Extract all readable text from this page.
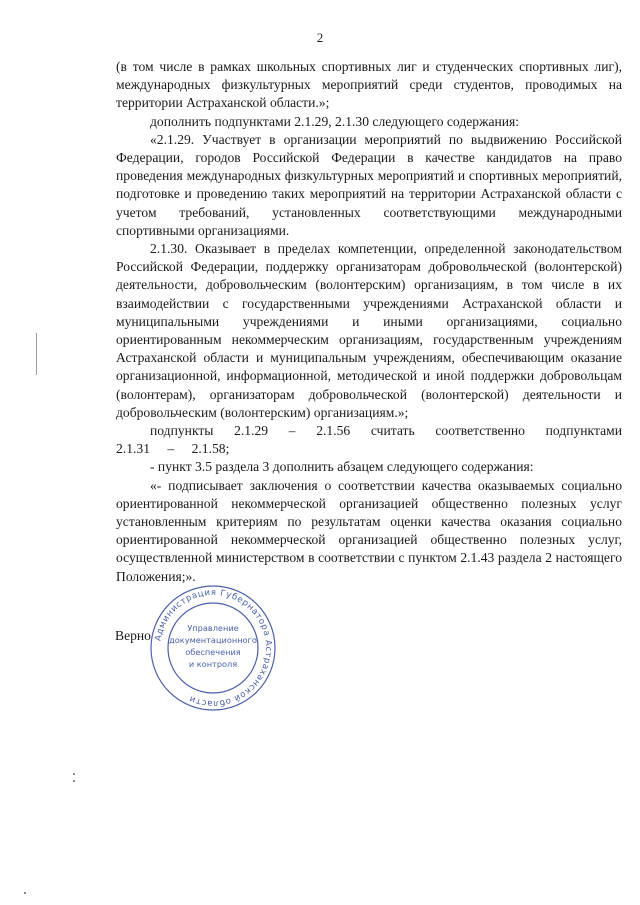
2

(в том числе в рамках школьных спортивных лиг и студенческих спортивных лиг), международных физкультурных мероприятий среди студентов, проводимых на территории Астраханской области.»;

дополнить подпунктами 2.1.29, 2.1.30 следующего содержания:

«2.1.29. Участвует в организации мероприятий по выдвижению Российской Федерации, городов Российской Федерации в качестве кандидатов на право проведения международных физкультурных мероприятий и спортивных мероприятий, подготовке и проведению таких мероприятий на территории Астраханской области с учетом требований, установленных соответствующими международными спортивными организациями.

2.1.30. Оказывает в пределах компетенции, определенной законодательством Российской Федерации, поддержку организаторам добровольческой (волонтерской) деятельности, добровольческим (волонтерским) организациям, в том числе в их взаимодействии с государственными учреждениями Астраханской области и муниципальными учреждениями и иными организациями, социально ориентированным некоммерческим организациям, государственным учреждениям Астраханской области и муниципальным учреждениям, обеспечивающим оказание организационной, информационной, методической и иной поддержки добровольцам (волонтерам), организаторам добровольческой (волонтерской) деятельности и добровольческим (волонтерским) организациям.»;

подпункты 2.1.29 – 2.1.56 считать соответственно подпунктами 2.1.31 – 2.1.58;

- пункт 3.5 раздела 3 дополнить абзацем следующего содержания:

«- подписывает заключения о соответствии качества оказываемых социально ориентированной некоммерческой организацией общественно полезных услуг установленным критериям по результатам оценки качества оказания социально ориентированной некоммерческой организацией общественно полезных услуг, осуществленной министерством в соответствии с пунктом 2.1.43 раздела 2 настоящего Положения;».

Верно Администрация Губернатора Астраханской области
Управление
документационного
обеспечения
и контроля
